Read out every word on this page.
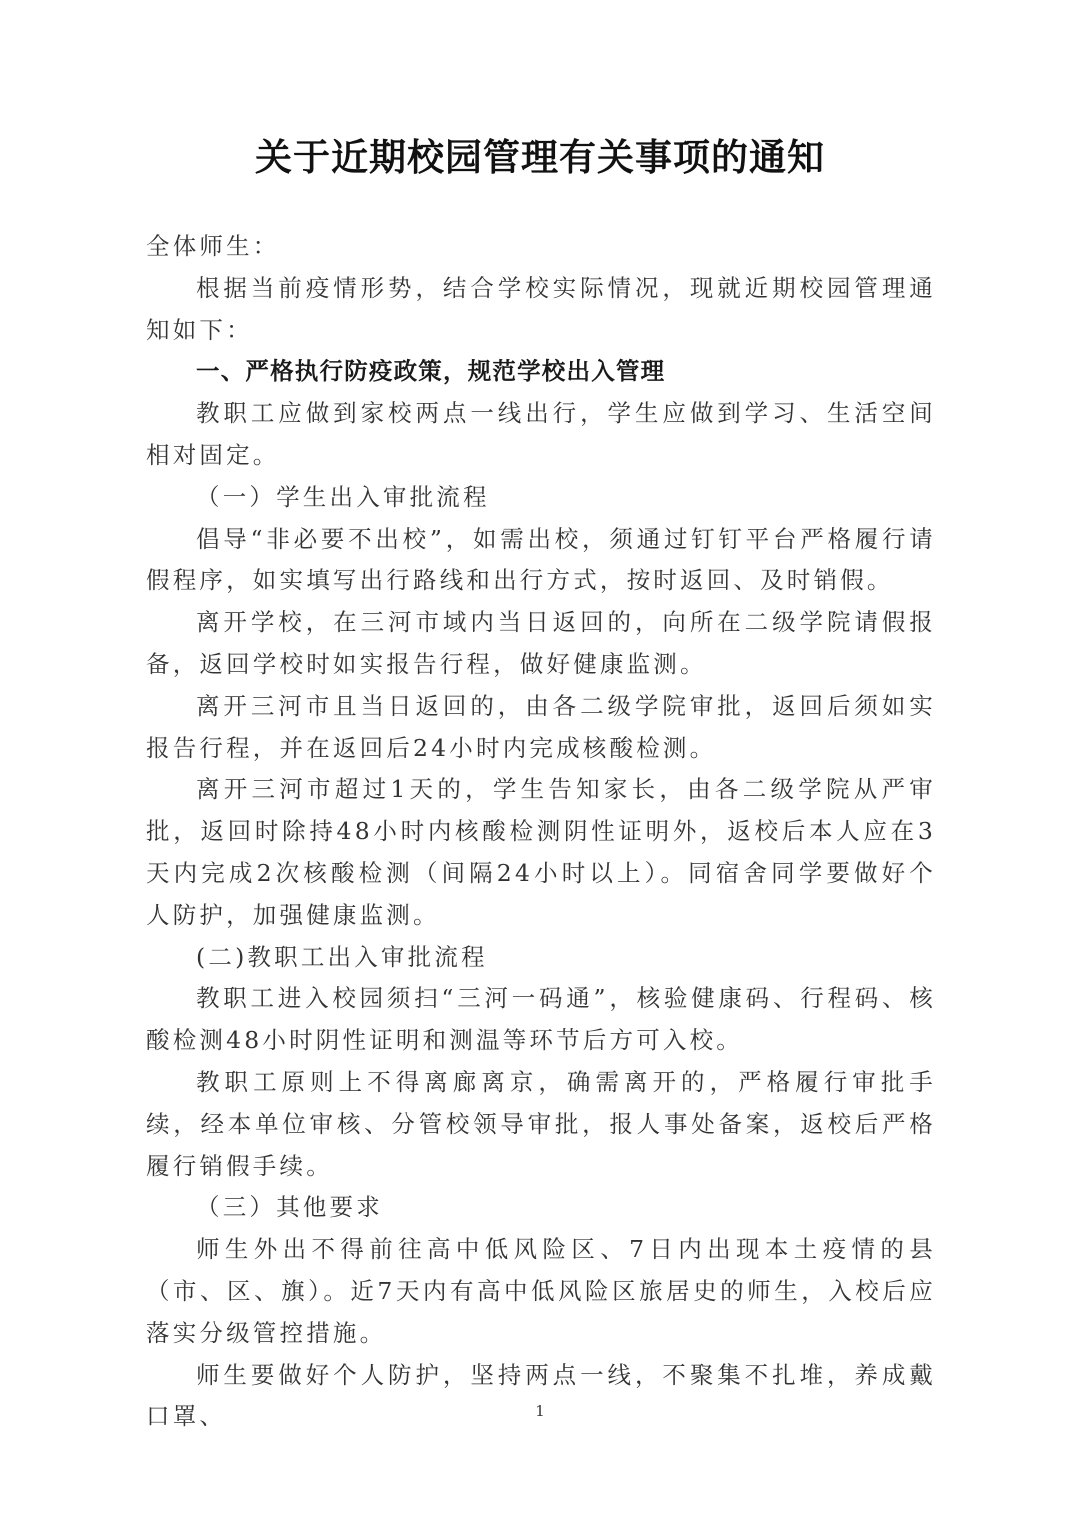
关于近期校园管理有关事项的通知

全体师生：

根据当前疫情形势，结合学校实际情况，现就近期校园管理通知如下：

一、严格执行防疫政策，规范学校出入管理

教职工应做到家校两点一线出行，学生应做到学习、生活空间相对固定。

（一）学生出入审批流程

倡导“非必要不出校”，如需出校，须通过钉钉平台严格履行请假程序，如实填写出行路线和出行方式，按时返回、及时销假。

离开学校，在三河市域内当日返回的，向所在二级学院请假报备，返回学校时如实报告行程，做好健康监测。

离开三河市且当日返回的，由各二级学院审批，返回后须如实报告行程，并在返回后24小时内完成核酸检测。

离开三河市超过1天的，学生告知家长，由各二级学院从严审批，返回时除持48小时内核酸检测阴性证明外，返校后本人应在3天内完成2次核酸检测（间隔24小时以上）。同宿舍同学要做好个人防护，加强健康监测。

(二)教职工出入审批流程

教职工进入校园须扫“三河一码通”，核验健康码、行程码、核酸检测48小时阴性证明和测温等环节后方可入校。

教职工原则上不得离廊离京，确需离开的，严格履行审批手续，经本单位审核、分管校领导审批，报人事处备案，返校后严格履行销假手续。

（三）其他要求

师生外出不得前往高中低风险区、7日内出现本土疫情的县（市、区、旗）。近7天内有高中低风险区旅居史的师生，入校后应落实分级管控措施。

师生要做好个人防护，坚持两点一线，不聚集不扎堆，养成戴口罩、	1
